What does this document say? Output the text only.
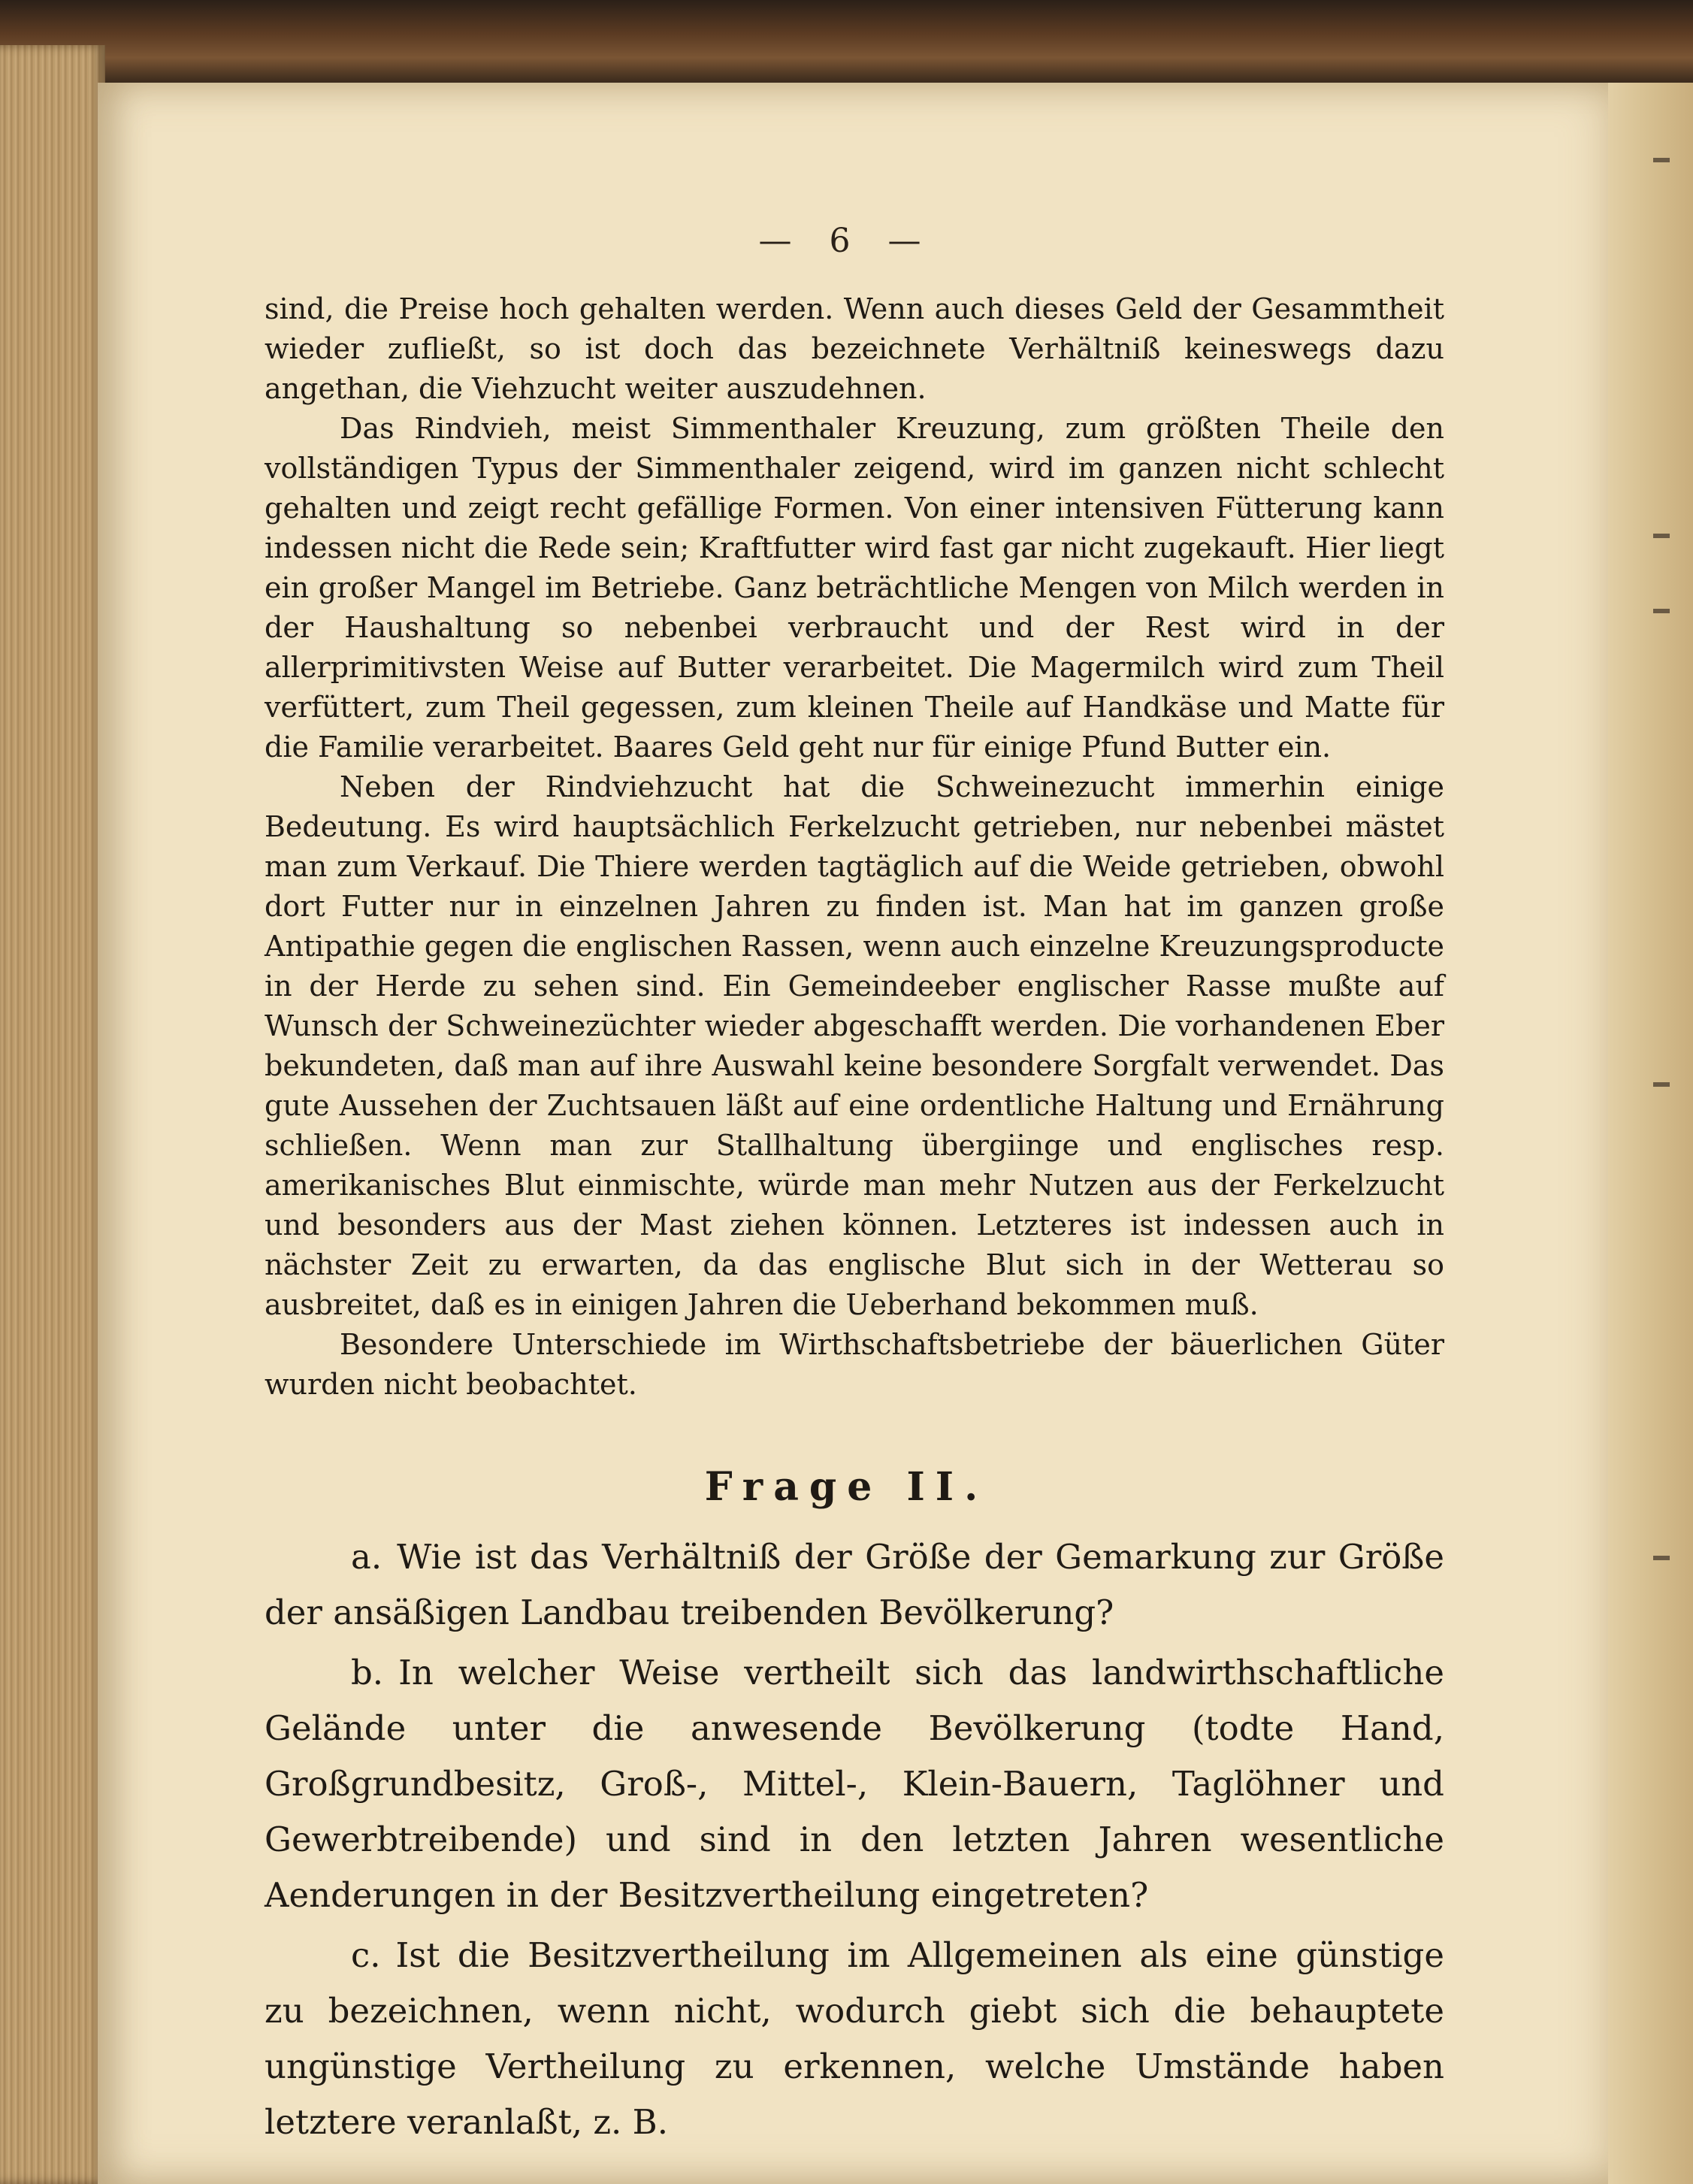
— 6 —

sind, die Preise hoch gehalten werden. Wenn auch dieses Geld der Gesammtheit wieder zufließt, so ist doch das bezeichnete Verhältniß keineswegs dazu angethan, die Viehzucht weiter auszudehnen.

Das Rindvieh, meist Simmenthaler Kreuzung, zum größten Theile den vollständigen Typus der Simmenthaler zeigend, wird im ganzen nicht schlecht gehalten und zeigt recht gefällige Formen. Von einer intensiven Fütterung kann indessen nicht die Rede sein; Kraftfutter wird fast gar nicht zugekauft. Hier liegt ein großer Mangel im Betriebe. Ganz beträchtliche Mengen von Milch werden in der Haushaltung so nebenbei verbraucht und der Rest wird in der allerprimitivsten Weise auf Butter verarbeitet. Die Magermilch wird zum Theil verfüttert, zum Theil gegessen, zum kleinen Theile auf Handkäse und Matte für die Familie verarbeitet. Baares Geld geht nur für einige Pfund Butter ein.

Neben der Rindviehzucht hat die Schweinezucht immerhin einige Bedeutung. Es wird hauptsächlich Ferkelzucht getrieben, nur nebenbei mästet man zum Verkauf. Die Thiere werden tagtäglich auf die Weide getrieben, obwohl dort Futter nur in einzelnen Jahren zu finden ist. Man hat im ganzen große Antipathie gegen die englischen Rassen, wenn auch einzelne Kreuzungsproducte in der Herde zu sehen sind. Ein Gemeindeeber englischer Rasse mußte auf Wunsch der Schweinezüchter wieder abgeschafft werden. Die vorhandenen Eber bekundeten, daß man auf ihre Auswahl keine besondere Sorgfalt verwendet. Das gute Aussehen der Zuchtsauen läßt auf eine ordentliche Haltung und Ernährung schließen. Wenn man zur Stallhaltung übergiinge und englisches resp. amerikanisches Blut einmischte, würde man mehr Nutzen aus der Ferkelzucht und besonders aus der Mast ziehen können. Letzteres ist indessen auch in nächster Zeit zu erwarten, da das englische Blut sich in der Wetterau so ausbreitet, daß es in einigen Jahren die Ueberhand bekommen muß.

Besondere Unterschiede im Wirthschaftsbetriebe der bäuerlichen Güter wurden nicht beobachtet.

Frage II.

a. Wie ist das Verhältniß der Größe der Gemarkung zur Größe der ansäßigen Landbau treibenden Bevölkerung?

b. In welcher Weise vertheilt sich das landwirthschaftliche Gelände unter die anwesende Bevölkerung (todte Hand, Großgrundbesitz, Groß-, Mittel-, Klein-Bauern, Taglöhner und Gewerbtreibende) und sind in den letzten Jahren wesentliche Aenderungen in der Besitzvertheilung eingetreten?

c. Ist die Besitzvertheilung im Allgemeinen als eine günstige zu bezeichnen, wenn nicht, wodurch giebt sich die behauptete ungünstige Vertheilung zu erkennen, welche Umstände haben letztere veranlaßt, z. B.
